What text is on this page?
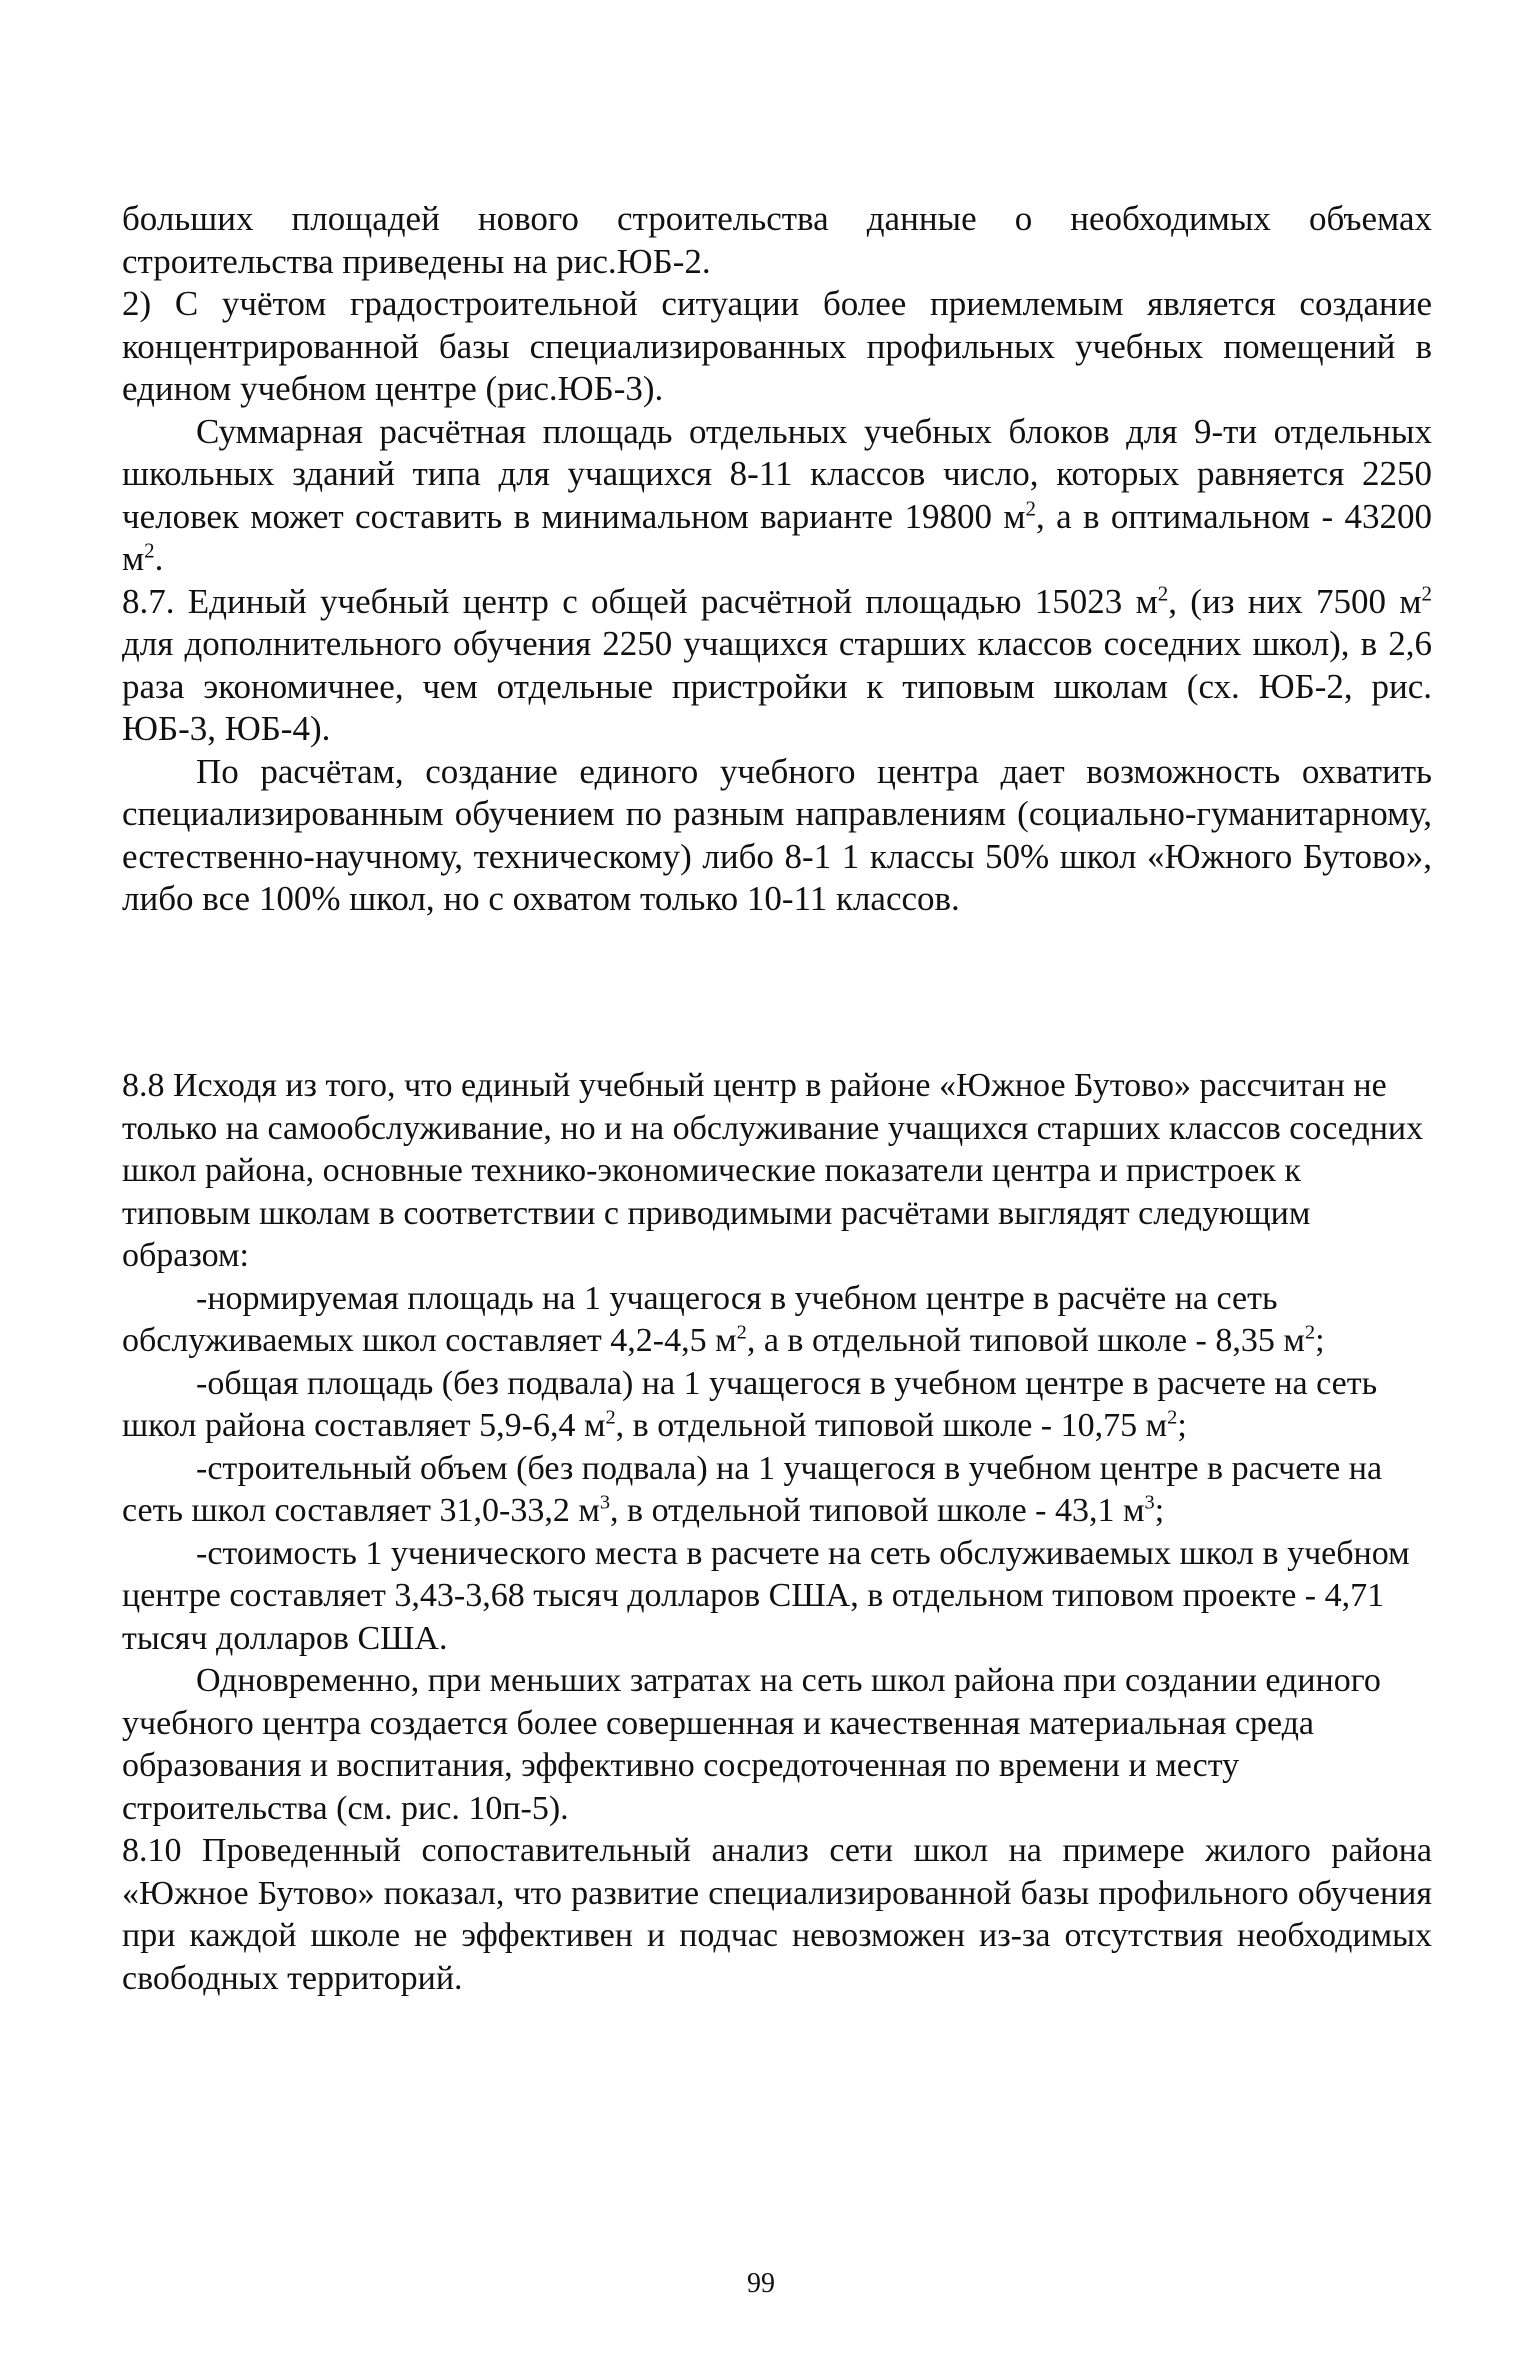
больших площадей нового строительства данные о необходимых объемах строительства приведены на рис.ЮБ-2.

2) С учётом градостроительной ситуации более приемлемым является создание концентрированной базы специализированных профильных учебных помещений в едином учебном центре (рис.ЮБ-3).

Суммарная расчётная площадь отдельных учебных блоков для 9-ти отдельных школьных зданий типа для учащихся 8-11 классов число, которых равняется 2250 человек может составить в минимальном варианте 19800 $м^2$, а в оптимальном - 43200 $м^2$.

8.7. Единый учебный центр с общей расчётной площадью 15023 $м^2$, (из них 7500 $м^2$ для дополнительного обучения 2250 учащихся старших классов соседних школ), в 2,6 раза экономичнее, чем отдельные пристройки к типовым школам (сх. ЮБ-2, рис. ЮБ-3, ЮБ-4).

По расчётам, создание единого учебного центра дает возможность охватить специализированным обучением по разным направлениям (социально-гуманитарному, естественно-научному, техническому) либо 8-1 1 классы 50% школ «Южного Бутово», либо все 100% школ, но с охватом только 10-11 классов.

8.8 Исходя из того, что единый учебный центр в районе «Южное Бутово» рассчитан не только на самообслуживание, но и на обслуживание учащихся старших классов соседних школ района, основные технико-экономические показатели центра и пристроек к типовым школам в соответствии с приводимыми расчётами выглядят следующим образом:

-нормируемая площадь на 1 учащегося в учебном центре в расчёте на сеть обслуживаемых школ составляет 4,2-4,5 $м^2$, а в отдельной типовой школе - 8,35 $м^2$;

-общая площадь (без подвала) на 1 учащегося в учебном центре в расчете на сеть школ района составляет 5,9-6,4 $м^2$, в отдельной типовой школе - 10,75 $м^2$;

-строительный объем (без подвала) на 1 учащегося в учебном центре в расчете на сеть школ составляет 31,0-33,2 $м^3$, в отдельной типовой школе - 43,1 $м^3$;

-стоимость 1 ученического места в расчете на сеть обслуживаемых школ в учебном центре составляет 3,43-3,68 тысяч долларов США, в отдельном типовом проекте - 4,71 тысяч долларов США.

Одновременно, при меньших затратах на сеть школ района при создании единого учебного центра создается более совершенная и качественная материальная среда образования и воспитания, эффективно сосредоточенная по времени и месту строительства (см. рис. 10п-5).

8.10 Проведенный сопоставительный анализ сети школ на примере жилого района «Южное Бутово» показал, что развитие специализированной базы профильного обучения при каждой школе не эффективен и подчас невозможен из-за отсутствия необходимых свободных территорий.

99
